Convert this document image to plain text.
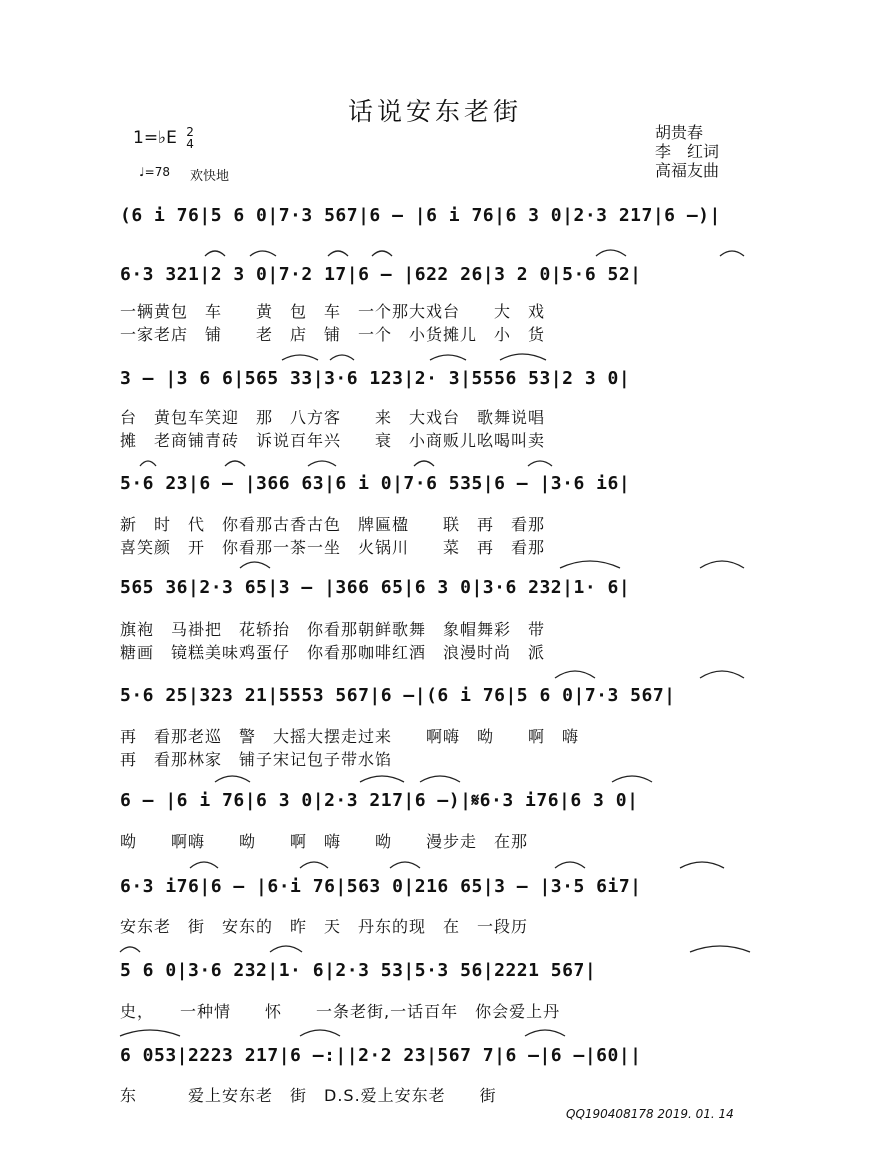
话说安东老街
1=♭E 2
4
♩=78 欢快地
胡贵春
李　红词
高福友曲
(6 i 76|5 6 0|7·3 567|6 – |6 i 76|6 3 0|2·3 217|6 –)|
6·3 321|2 3 0|7·2 17|6 – |622 26|3 2 0|5·6 52|
一辆黄包　车　　黄　包　车　一个那大戏台　　大　戏
一家老店　铺　　老　店　铺　一个　小货摊儿　小　货
3 – |3 6 6|565 33|3·6 123|2· 3|5556 53|2 3 0|
台　黄包车笑迎　那　八方客　　来　大戏台　歌舞说唱
摊　老商铺青砖　诉说百年兴　　衰　小商贩儿吆喝叫卖
5·6 23|6 – |366 63|6 i 0|7·6 535|6 – |3·6 i6|
新　时　代　你看那古香古色　牌匾楹　　联　再　看那
喜笑颜　开　你看那一茶一坐　火锅川　　菜　再　看那
565 36|2·3 65|3 – |366 65|6 3 0|3·6 232|1· 6|
旗袍　马褂把　花轿抬　你看那朝鲜歌舞　象帽舞彩　带
糖画　镜糕美味鸡蛋仔　你看那咖啡红酒　浪漫时尚　派
5·6 25|323 21|5553 567|6 –|(6 i 76|5 6 0|7·3 567|
再　看那老巡　警　大摇大摆走过来　　啊嗨　呦　　啊　嗨
再　看那林家　铺子宋记包子带水馅
6 – |6 i 76|6 3 0|2·3 217|6 –)|𝄋6·3 i76|6 3 0|
呦　　啊嗨　　呦　　啊　嗨　　呦　　漫步走　在那
6·3 i76|6 – |6·i 76|563 0|216 65|3 – |3·5 6i7|
安东老　街　安东的　昨　天　丹东的现　在　一段历
5 6 0|3·6 232|1· 6|2·3 53|5·3 56|2221 567|
史，　　一种情　　怀　　一条老街,一话百年　你会爱上丹
6 053|2223 217|6 –:||2·2 23|567 7|6 –|6 –|60||
东　　　爱上安东老　街　D.S.爱上安东老　　街
QQ190408178 2019. 01. 14
